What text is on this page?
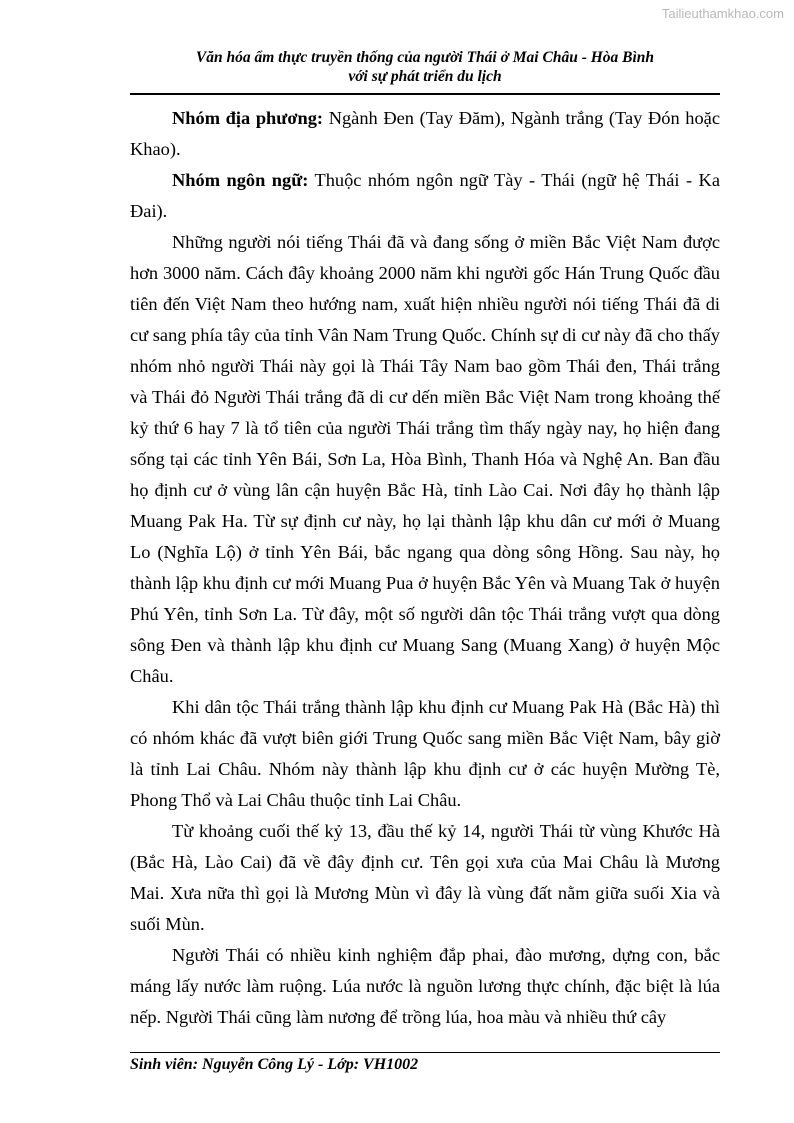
Tailieuthamkhao.com
Văn hóa ẩm thực truyền thống của người Thái ở Mai Châu - Hòa Bình
với sự phát triển du lịch

Nhóm địa phương: Ngành Đen (Tay Đăm), Ngành trắng (Tay Đón hoặc Khao).

Nhóm ngôn ngữ: Thuộc nhóm ngôn ngữ Tày - Thái (ngữ hệ Thái - Ka Đai).

Những người nói tiếng Thái đã và đang sống ở miền Bắc Việt Nam được hơn 3000 năm. Cách đây khoảng 2000 năm khi người gốc Hán Trung Quốc đầu tiên đến Việt Nam theo hướng nam, xuất hiện nhiều người nói tiếng Thái đã di cư sang phía tây của tỉnh Vân Nam Trung Quốc. Chính sự di cư này đã cho thấy nhóm nhỏ người Thái này gọi là Thái Tây Nam bao gồm Thái đen, Thái trắng và Thái đỏ Người Thái trắng đã di cư dến miền Bắc Việt Nam trong khoảng thế kỷ thứ 6 hay 7 là tổ tiên của người Thái trắng tìm thấy ngày nay, họ hiện đang sống tại các tỉnh Yên Bái, Sơn La, Hòa Bình, Thanh Hóa và Nghệ An. Ban đầu họ định cư ở vùng lân cận huyện Bắc Hà, tỉnh Lào Cai. Nơi đây họ thành lập Muang Pak Ha. Từ sự định cư này, họ lại thành lập khu dân cư mới ở Muang Lo (Nghĩa Lộ) ở tỉnh Yên Bái, bắc ngang qua dòng sông Hồng. Sau này, họ thành lập khu định cư mới Muang Pua ở huyện Bắc Yên và Muang Tak ở huyện Phú Yên, tỉnh Sơn La. Từ đây, một số người dân tộc Thái trắng vượt qua dòng sông Đen và thành lập khu định cư Muang Sang (Muang Xang) ở huyện Mộc Châu.

Khi dân tộc Thái trắng thành lập khu định cư Muang Pak Hà (Bắc Hà) thì có nhóm khác đã vượt biên giới Trung Quốc sang miền Bắc Việt Nam, bây giờ là tỉnh Lai Châu. Nhóm này thành lập khu định cư ở các huyện Mường Tè, Phong Thổ và Lai Châu thuộc tỉnh Lai Châu.

Từ khoảng cuối thế kỷ 13, đầu thế kỷ 14, người Thái từ vùng Khước Hà (Bắc Hà, Lào Cai) đã về đây định cư. Tên gọi xưa của Mai Châu là Mương Mai. Xưa nữa thì gọi là Mương Mùn vì đây là vùng đất nằm giữa suối Xia và suối Mùn.

Người Thái có nhiều kinh nghiệm đắp phai, đào mương, dựng con, bắc máng lấy nước làm ruộng. Lúa nước là nguồn lương thực chính, đặc biệt là lúa nếp. Người Thái cũng làm nương để trồng lúa, hoa màu và nhiều thứ cây

Sinh viên: Nguyễn Công Lý - Lớp: VH1002
